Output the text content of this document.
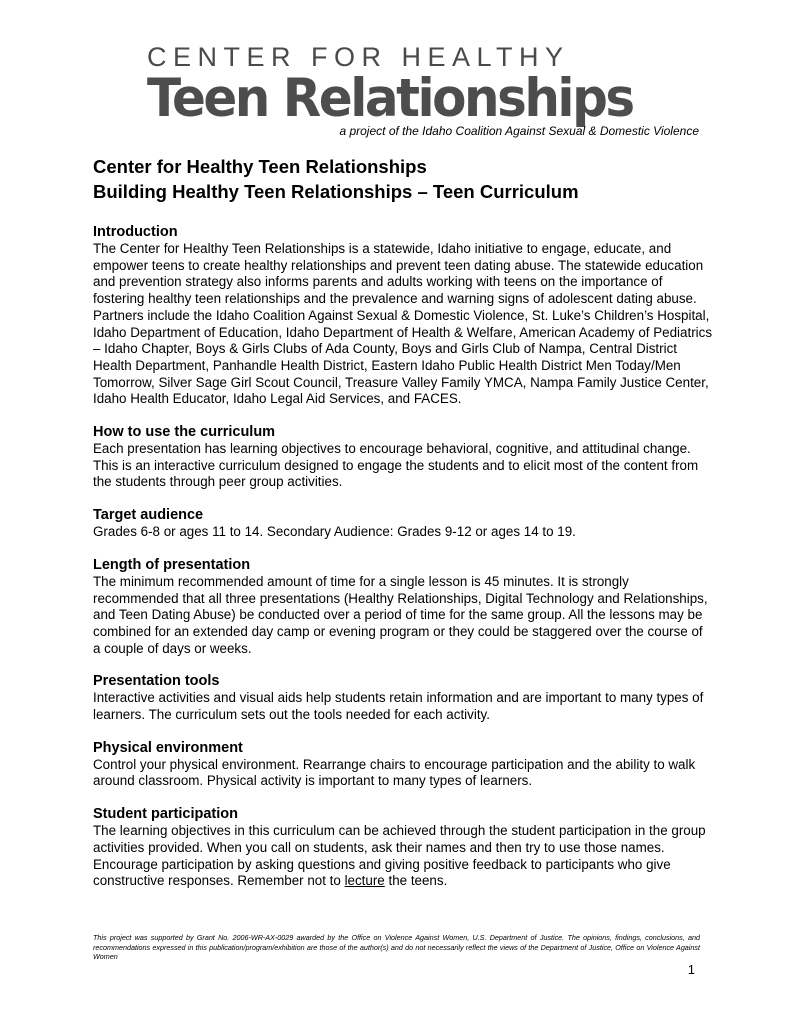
CENTER FOR HEALTHY
Teen Relationships
a project of the Idaho Coalition Against Sexual & Domestic Violence
Center for Healthy Teen Relationships
Building Healthy Teen Relationships – Teen Curriculum
Introduction

The Center for Healthy Teen Relationships is a statewide, Idaho initiative to engage, educate, and empower teens to create healthy relationships and prevent teen dating abuse. The statewide education and prevention strategy also informs parents and adults working with teens on the importance of fostering healthy teen relationships and the prevalence and warning signs of adolescent dating abuse. Partners include the Idaho Coalition Against Sexual & Domestic Violence, St. Luke’s Children’s Hospital, Idaho Department of Education, Idaho Department of Health & Welfare, American Academy of Pediatrics – Idaho Chapter, Boys & Girls Clubs of Ada County, Boys and Girls Club of Nampa, Central District Health Department, Panhandle Health District, Eastern Idaho Public Health District Men Today/Men Tomorrow, Silver Sage Girl Scout Council, Treasure Valley Family YMCA, Nampa Family Justice Center, Idaho Health Educator, Idaho Legal Aid Services, and FACES.

How to use the curriculum

Each presentation has learning objectives to encourage behavioral, cognitive, and attitudinal change. This is an interactive curriculum designed to engage the students and to elicit most of the content from the students through peer group activities.

Target audience

Grades 6-8 or ages 11 to 14. Secondary Audience: Grades 9-12 or ages 14 to 19.

Length of presentation

The minimum recommended amount of time for a single lesson is 45 minutes. It is strongly recommended that all three presentations (Healthy Relationships, Digital Technology and Relationships, and Teen Dating Abuse) be conducted over a period of time for the same group. All the lessons may be combined for an extended day camp or evening program or they could be staggered over the course of a couple of days or weeks.

Presentation tools

Interactive activities and visual aids help students retain information and are important to many types of learners. The curriculum sets out the tools needed for each activity.

Physical environment

Control your physical environment. Rearrange chairs to encourage participation and the ability to walk around classroom. Physical activity is important to many types of learners.

Student participation

The learning objectives in this curriculum can be achieved through the student participation in the group activities provided. When you call on students, ask their names and then try to use those names. Encourage participation by asking questions and giving positive feedback to participants who give constructive responses. Remember not to lecture the teens.

This project was supported by Grant No. 2006-WR-AX-0029 awarded by the Office on Violence Against Women, U.S. Department of Justice. The opinions, findings, conclusions, and recommendations expressed in this publication/program/exhibition are those of the author(s) and do not necessarily reflect the views of the Department of Justice, Office on Violence Against Women
1
